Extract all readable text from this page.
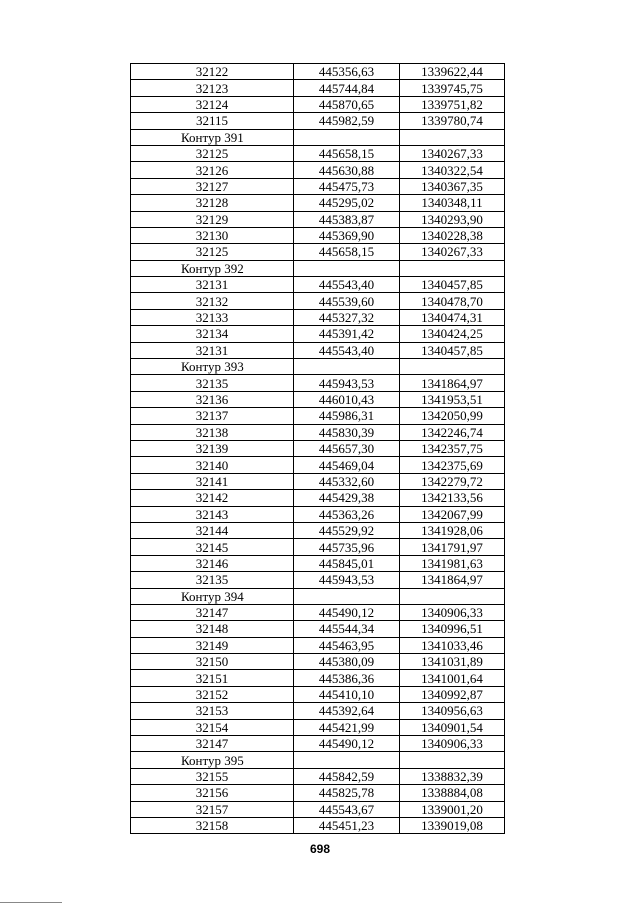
32122	445356,63	1339622,44
32123	445744,84	1339745,75
32124	445870,65	1339751,82
32115	445982,59	1339780,74
Контур 391		
32125	445658,15	1340267,33
32126	445630,88	1340322,54
32127	445475,73	1340367,35
32128	445295,02	1340348,11
32129	445383,87	1340293,90
32130	445369,90	1340228,38
32125	445658,15	1340267,33
Контур 392		
32131	445543,40	1340457,85
32132	445539,60	1340478,70
32133	445327,32	1340474,31
32134	445391,42	1340424,25
32131	445543,40	1340457,85
Контур 393		
32135	445943,53	1341864,97
32136	446010,43	1341953,51
32137	445986,31	1342050,99
32138	445830,39	1342246,74
32139	445657,30	1342357,75
32140	445469,04	1342375,69
32141	445332,60	1342279,72
32142	445429,38	1342133,56
32143	445363,26	1342067,99
32144	445529,92	1341928,06
32145	445735,96	1341791,97
32146	445845,01	1341981,63
32135	445943,53	1341864,97
Контур 394		
32147	445490,12	1340906,33
32148	445544,34	1340996,51
32149	445463,95	1341033,46
32150	445380,09	1341031,89
32151	445386,36	1341001,64
32152	445410,10	1340992,87
32153	445392,64	1340956,63
32154	445421,99	1340901,54
32147	445490,12	1340906,33
Контур 395		
32155	445842,59	1338832,39
32156	445825,78	1338884,08
32157	445543,67	1339001,20
32158	445451,23	1339019,08
698
